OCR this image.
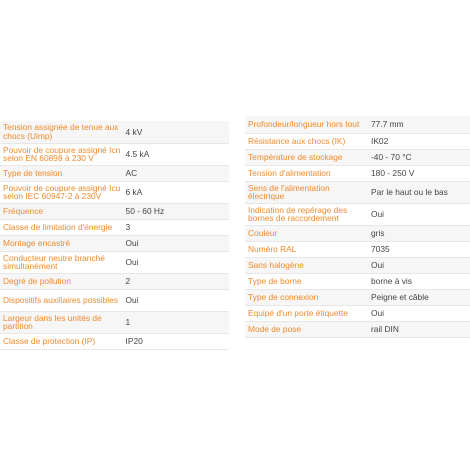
Tension assignée de tenue aux chocs (Uimp)	4 kV
Pouvoir de coupure assigné Icn selon EN 60898 à 230 V	4.5 kA
Type de tension	AC
Pouvoir de coupure assigné Icu selon IEC 60947-2 à 230V	6 kA
Fréquence	50 - 60 Hz
Classe de limitation d'énergie	3
Montage encastré	Oui
Conducteur neutre branché simultanément	Oui
Degré de pollution	2
Dispositifs auxiliaires possibles	Oui
Largeur dans les unités de partition	1
Classe de protection (IP)	IP20
Profondeur/longueur hors tout	77.7 mm
Résistance aux chocs (IK)	IK02
Température de stockage	-40 - 70 °C
Tension d'alimentation	180 - 250 V
Sens de l'alimentation électrique	Par le haut ou le bas
Indication de repérage des bornes de raccordement	Oui
Couleur	gris
Numéro RAL	7035
Sans halogène	Oui
Type de borne	borne à vis
Type de connexion	Peigne et câble
Equipé d'un porte étiquette	Oui
Mode de pose	rail DIN
